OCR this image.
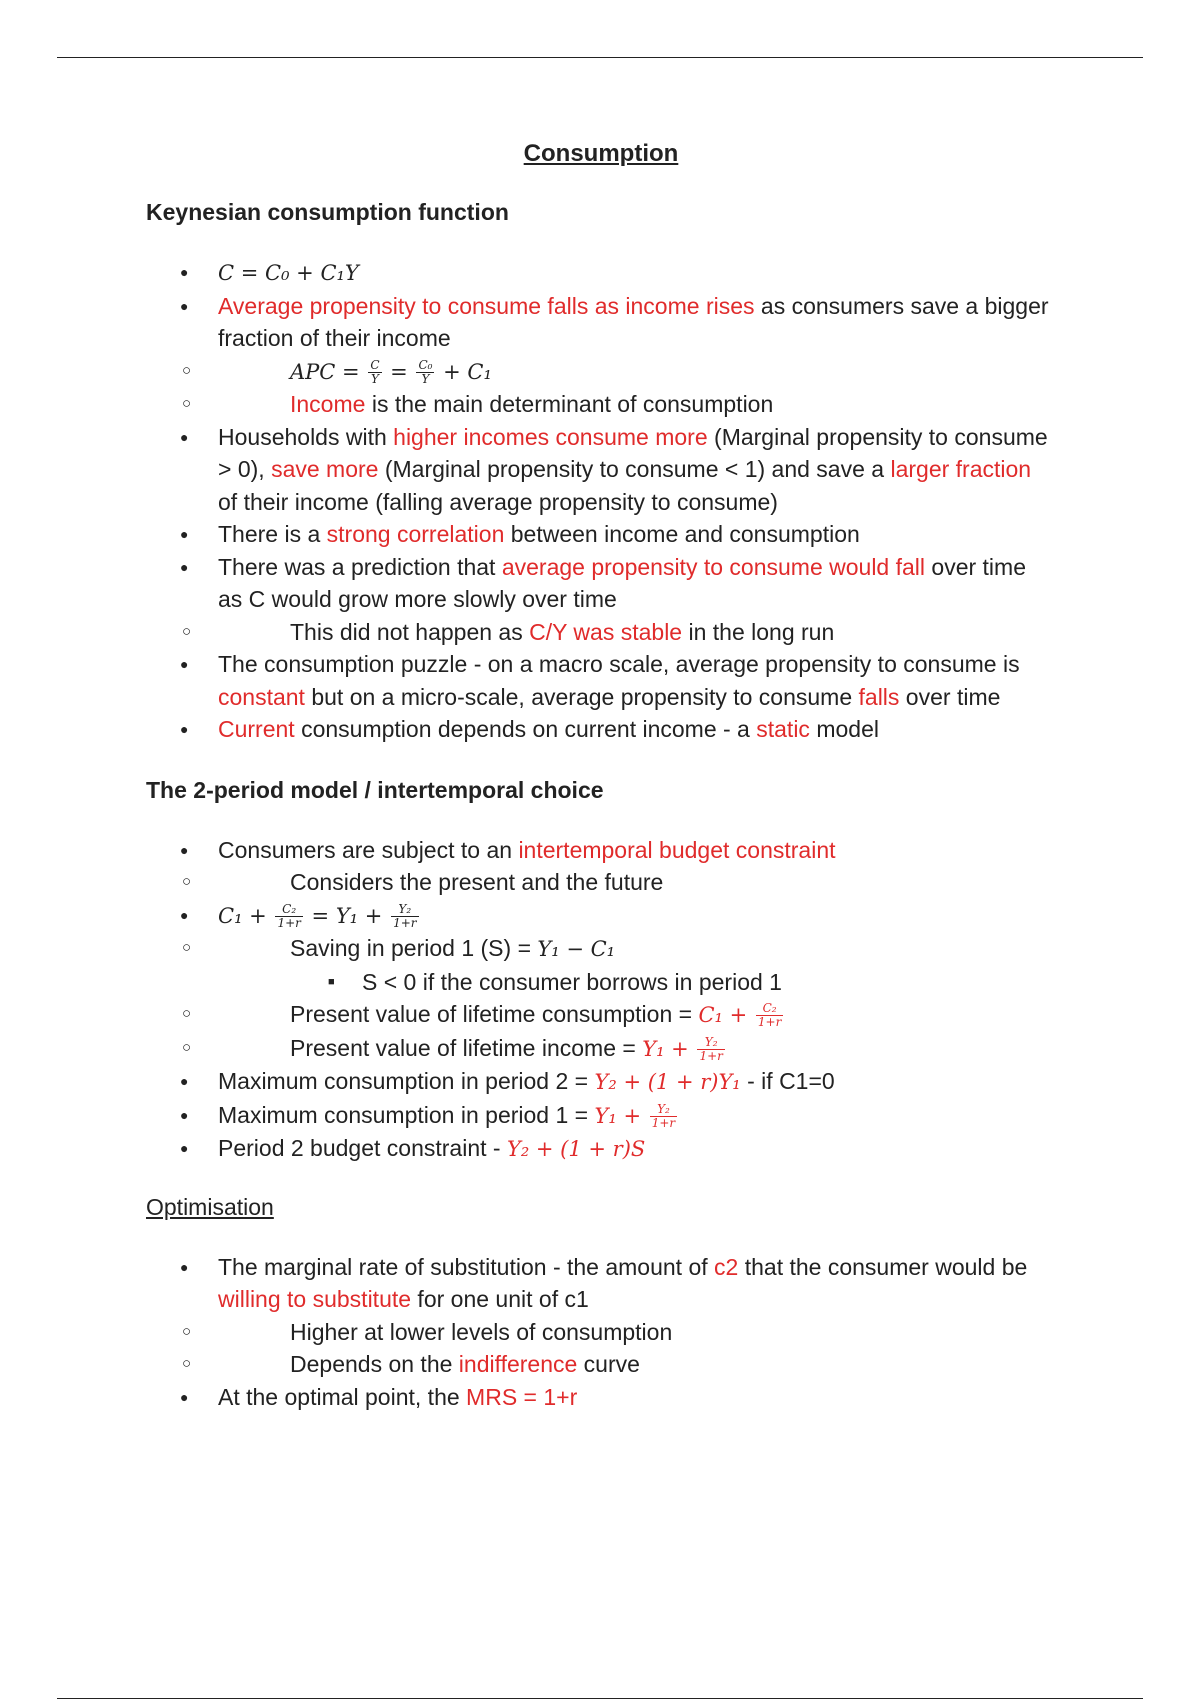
Consumption

Keynesian consumption function
● C = C₀ + C₁Y
● Average propensity to consume falls as income rises as consumers save a bigger fraction of their income
○ APC = $\frac{C}{Y} = \frac{\text{C₀}}{Y} + C_1$
○ Income is the main determinant of consumption
● Households with higher incomes consume more (Marginal propensity to consume > 0), save more (Marginal propensity to consume < 1) and save a larger fraction of their income (falling average propensity to consume)
● There is a strong correlation between income and consumption
● There was a prediction that average propensity to consume would fall over time as C would grow more slowly over time
○ This did not happen as C/Y was stable in the long run
● The consumption puzzle - on a macro scale, average propensity to consume is constant but on a micro-scale, average propensity to consume falls over time
● Current consumption depends on current income - a static model
The 2-period model / intertemporal choice
● Consumers are subject to an intertemporal budget constraint
○ Considers the present and the future
● $C_1 + \frac{\text{C₂}}{1+r} = Y_1 + \frac{\text{Y₂}}{1+r}$
○ Saving in period 1 (S) = Y₁ − C₁
■ S < 0 if the consumer borrows in period 1
○ Present value of lifetime consumption = $C_1 + \frac{\text{C₂}}{1+r}$
○ Present value of lifetime income = $Y_1 + \frac{\text{Y₂}}{1+r}$
● Maximum consumption in period 2 = Y₂ + (1 + r)Y₁ - if C1=0
● Maximum consumption in period $1 = Y_1 + \frac{\text{Y₂}}{1+r}$
● Period 2 budget constraint - Y₂ + (1 + r)S
Optimisation
● The marginal rate of substitution - the amount of c2 that the consumer would be willing to substitute for one unit of c1
○ Higher at lower levels of consumption
○ Depends on the indifference curve
● At the optimal point, the MRS = 1+r
